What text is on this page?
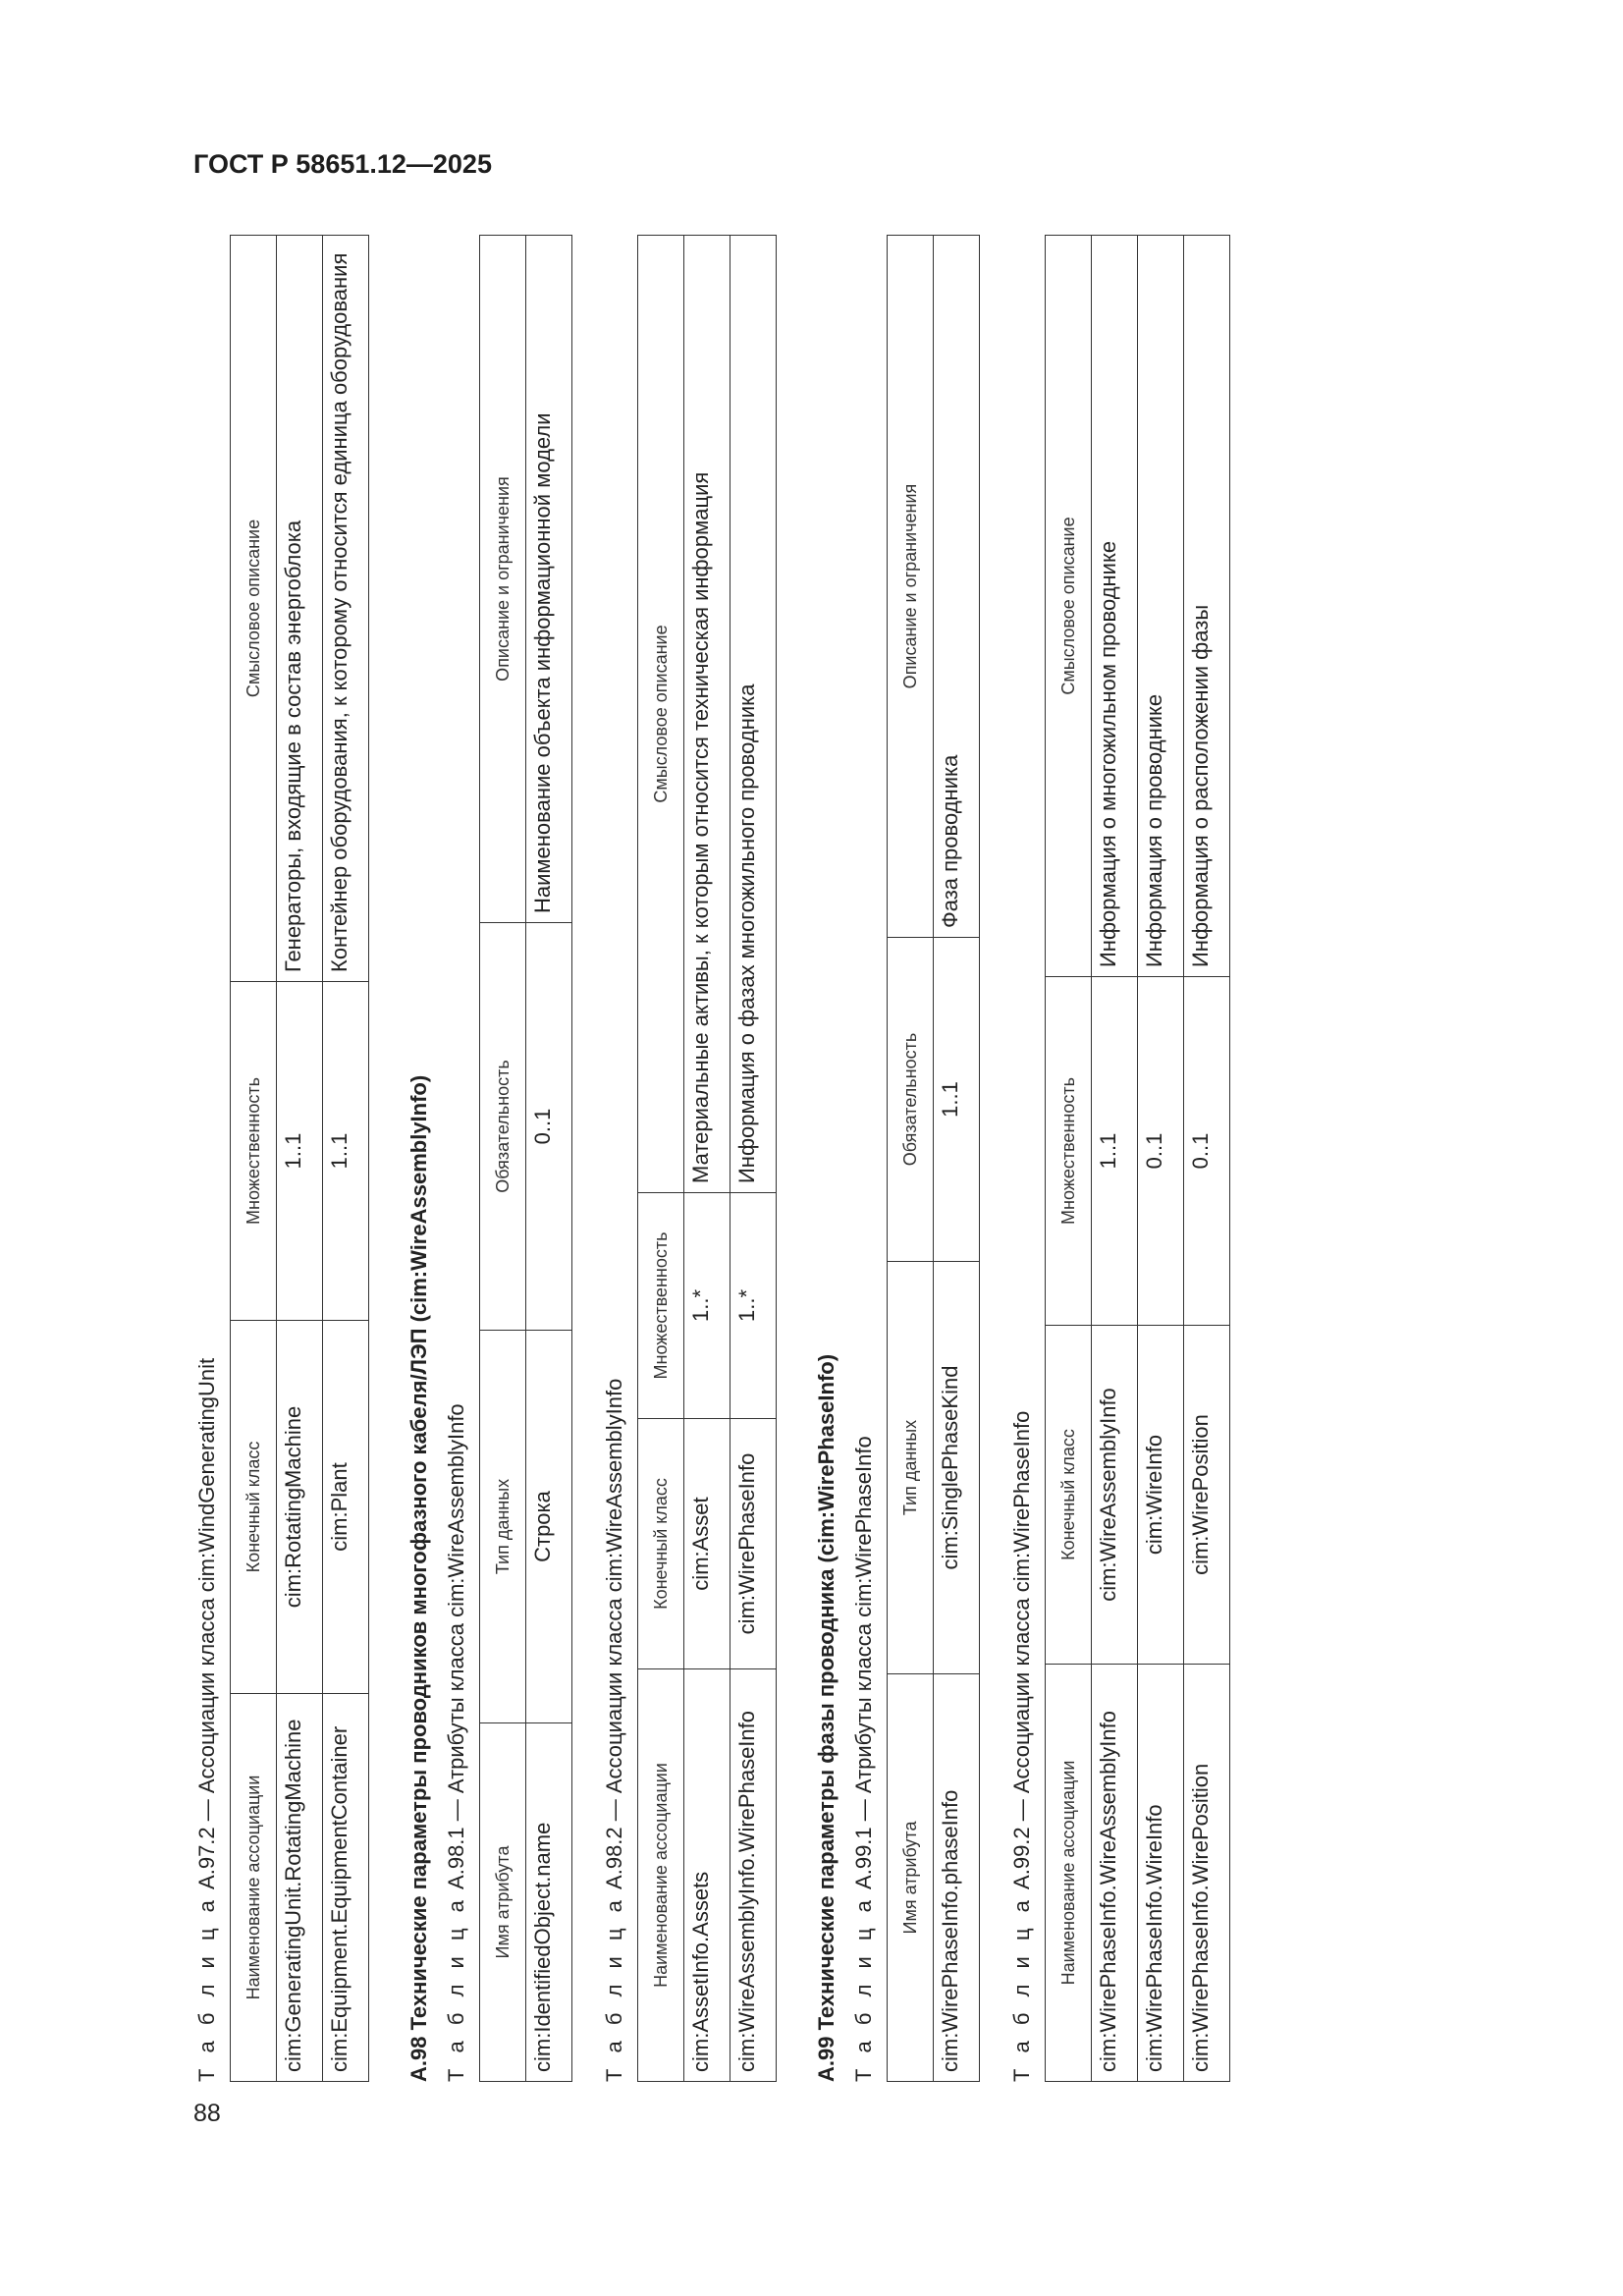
ГОСТ Р 58651.12—2025

Т а б л и ц а А.97.2 — Ассоциации класса cim:WindGeneratingUnit Наименование ассоциации	Конечный класс	Множественность	Смысловое описание
cim:GeneratingUnit.RotatingMachine	cim:RotatingMachine	1..1	Генераторы, входящие в состав энергоблока
cim:Equipment.EquipmentContainer	cim:Plant	1..1	Контейнер оборудования, к которому относится единица оборудования
А.98 Технические параметры проводников многофазного кабеля/ЛЭП (cim:WireAssemblyInfo) Т а б л и ц а А.98.1 — Атрибуты класса cim:WireAssemblyInfo

Имя атрибута	Тип данных	Обязательность	Описание и ограничения
cim:IdentifiedObject.name	Строка	0..1	Наименование объекта информационной модели

Т а б л и ц а А.98.2 — Ассоциации класса cim:WireAssemblyInfo Наименование ассоциации	Конечный класс	Множественность	Смысловое описание
cim:AssetInfo.Assets	cim:Asset	1..*	Материальные активы, к которым относится техническая информация
cim:WireAssemblyInfo.WirePhaseInfo	cim:WirePhaseInfo	1..*	Информация о фазах многожильного проводника
А.99 Технические параметры фазы проводника (cim:WirePhaseInfo) Т а б л и ц а А.99.1 — Атрибуты класса cim:WirePhaseInfo Имя атрибута	Тип данных	Обязательность	Описание и ограничения
cim:WirePhaseInfo.phaseInfo	cim:SinglePhaseKind	1..1	Фаза проводника

Т а б л и ц а А.99.2 — Ассоциации класса cim:WirePhaseInfo Наименование ассоциации	Конечный класс	Множественность	Смысловое описание
cim:WirePhaseInfo.WireAssemblyInfo	cim:WireAssemblyInfo	1..1	Информация о многожильном проводнике
cim:WirePhaseInfo.WireInfo	cim:WireInfo	0..1	Информация о проводнике
cim:WirePhaseInfo.WirePosition	cim:WirePosition	0..1	Информация о расположении фазы
88
